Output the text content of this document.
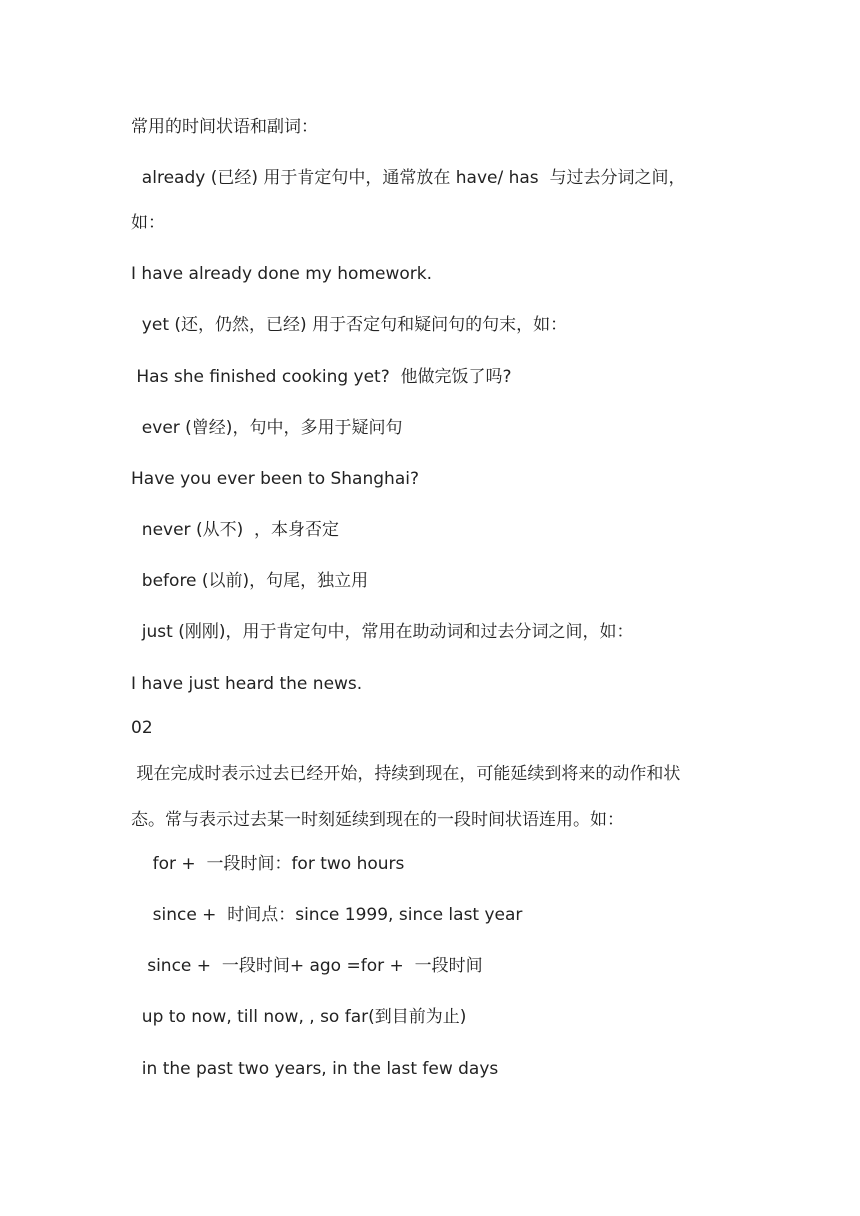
常用的时间状语和副词：
already (已经) 用于肯定句中，通常放在 have/ has  与过去分词之间，
如：
I have already done my homework.
yet (还，仍然，已经) 用于否定句和疑问句的句末，如：
Has she finished cooking yet?  他做完饭了吗?
ever (曾经)，句中，多用于疑问句
Have you ever been to Shanghai?
never (从不)  ，本身否定
before (以前)，句尾，独立用
just (刚刚)，用于肯定句中，常用在助动词和过去分词之间，如：
I have just heard the news.
02
现在完成时表示过去已经开始，持续到现在，可能延续到将来的动作和状
态。常与表示过去某一时刻延续到现在的一段时间状语连用。如：
for +  一段时间：for two hours
since +  时间点：since 1999, since last year
since +  一段时间+ ago =for +  一段时间
up to now, till now, , so far(到目前为止)
in the past two years, in the last few days
